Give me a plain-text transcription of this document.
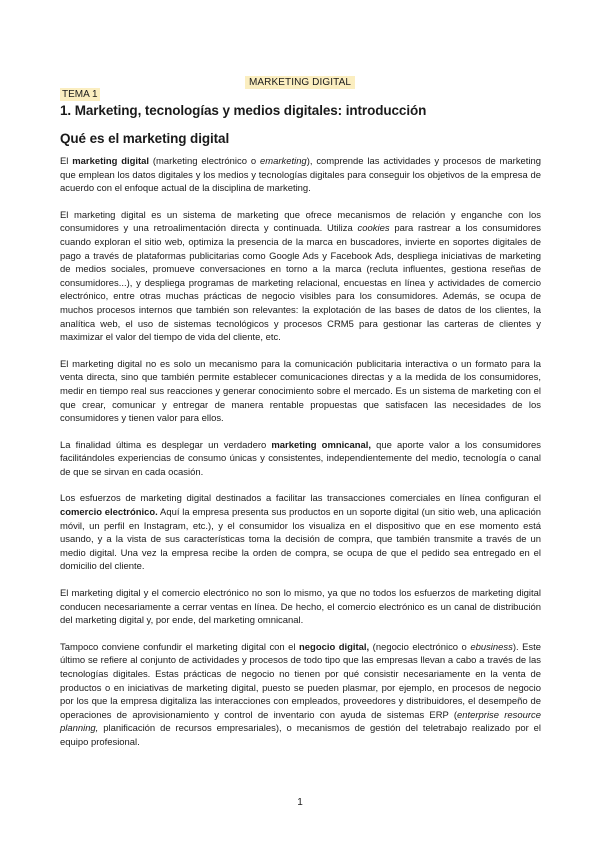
MARKETING DIGITAL
TEMA 1
1. Marketing, tecnologías y medios digitales: introducción
Qué es el marketing digital

El marketing digital (marketing electrónico o emarketing), comprende las actividades y procesos de marketing que emplean los datos digitales y los medios y tecnologías digitales para conseguir los objetivos de la empresa de acuerdo con el enfoque actual de la disciplina de marketing.

El marketing digital es un sistema de marketing que ofrece mecanismos de relación y enganche con los consumidores y una retroalimentación directa y continuada. Utiliza cookies para rastrear a los consumidores cuando exploran el sitio web, optimiza la presencia de la marca en buscadores, invierte en soportes digitales de pago a través de plataformas publicitarias como Google Ads y Facebook Ads, despliega iniciativas de marketing de medios sociales, promueve conversaciones en torno a la marca (recluta influentes, gestiona reseñas de consumidores...), y despliega programas de marketing relacional, encuestas en línea y actividades de comercio electrónico, entre otras muchas prácticas de negocio visibles para los consumidores. Además, se ocupa de muchos procesos internos que también son relevantes: la explotación de las bases de datos de los clientes, la analítica web, el uso de sistemas tecnológicos y procesos CRM5 para gestionar las carteras de clientes y maximizar el valor del tiempo de vida del cliente, etc.

El marketing digital no es solo un mecanismo para la comunicación publicitaria interactiva o un formato para la venta directa, sino que también permite establecer comunicaciones directas y a la medida de los consumidores, medir en tiempo real sus reacciones y generar conocimiento sobre el mercado. Es un sistema de marketing con el que crear, comunicar y entregar de manera rentable propuestas que satisfacen las necesidades de los consumidores y tienen valor para ellos.

La finalidad última es desplegar un verdadero marketing omnicanal, que aporte valor a los consumidores facilitándoles experiencias de consumo únicas y consistentes, independientemente del medio, tecnología o canal de que se sirvan en cada ocasión.

Los esfuerzos de marketing digital destinados a facilitar las transacciones comerciales en línea configuran el comercio electrónico. Aquí la empresa presenta sus productos en un soporte digital (un sitio web, una aplicación móvil, un perfil en Instagram, etc.), y el consumidor los visualiza en el dispositivo que en ese momento está usando, y a la vista de sus características toma la decisión de compra, que también transmite a través de un medio digital. Una vez la empresa recibe la orden de compra, se ocupa de que el pedido sea entregado en el domicilio del cliente.

El marketing digital y el comercio electrónico no son lo mismo, ya que no todos los esfuerzos de marketing digital conducen necesariamente a cerrar ventas en línea. De hecho, el comercio electrónico es un canal de distribución del marketing digital y, por ende, del marketing omnicanal.

Tampoco conviene confundir el marketing digital con el negocio digital, (negocio electrónico o ebusiness). Este último se refiere al conjunto de actividades y procesos de todo tipo que las empresas llevan a cabo a través de las tecnologías digitales. Estas prácticas de negocio no tienen por qué consistir necesariamente en la venta de productos o en iniciativas de marketing digital, puesto se pueden plasmar, por ejemplo, en procesos de negocio por los que la empresa digitaliza las interacciones con empleados, proveedores y distribuidores, el desempeño de operaciones de aprovisionamiento y control de inventario con ayuda de sistemas ERP (enterprise resource planning, planificación de recursos empresariales), o mecanismos de gestión del teletrabajo realizado por el equipo profesional.

1
